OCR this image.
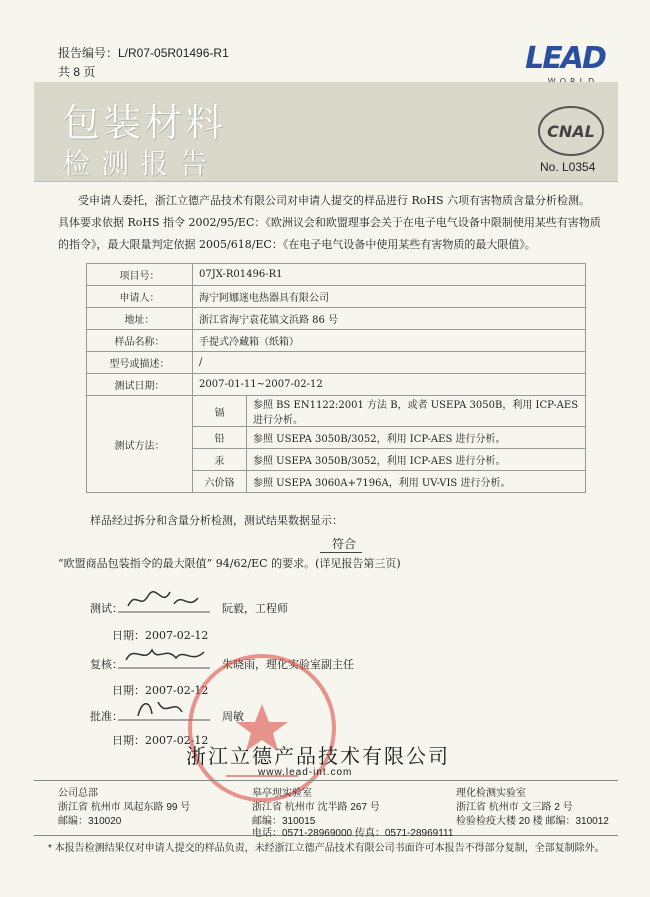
报告编号：L/R07-05R01496-R1
共 8 页	LEAD
包装材料
检测报告
CNAL
No. L0354
受申请人委托，浙江立德产品技术有限公司对申请人提交的样品进行 RoHS 六项有害物质含量分析检测。
具体要求依据 RoHS 指令 2002/95/EC：《欧洲议会和欧盟理事会关于在电子电气设备中限制使用某些有害物质
的指令》，最大限量判定依据 2005/618/EC：《在电子电气设备中使用某些有害物质的最大限值》。
项目号：	07JX-R01496-R1	
申请人：	海宁阿娜迷电热器具有限公司	
地址：	浙江省海宁袁花镇文浜路 86 号	
样品名称：	手提式冷藏箱（纸箱）	
型号或描述：	/	
测试日期：	2007-01-11~2007-02-12	
测试方法：	镉	参照 BS EN1122:2001 方法 B，或者 USEPA 3050B，利用 ICP-AES 进行分析。
	铅	参照 USEPA 3050B/3052，利用 ICP-AES 进行分析。
	汞	参照 USEPA 3050B/3052，利用 ICP-AES 进行分析。
	六价铬	参照 USEPA 3060A+7196A，利用 UV-VIS 进行分析。
样品经过拆分和含量分析检测，测试结果数据显示：
符合
“欧盟商品包装指令的最大限值” 94/62/EC 的要求。(详见报告第三页)
测试：	阮毅，工程师
日期：2007-02-12
复核：	朱晓雨，理化实验室副主任
日期：2007-02-12
批准：	周敏
日期：2007-02-12
浙江立德产品技术有限公司
www.lead-int.com
公司总部
浙江省 杭州市 凤起东路 99 号
邮编：310020
皋亭坝实验室
浙江省 杭州市 沈半路 267 号
邮编：310015
理化检测实验室
浙江省 杭州市 文三路 2 号
检验检疫大楼 20 楼 邮编：310012
电话：0571-28969000 传真：0571-28969111
* 本报告检测结果仅对申请人提交的样品负责，未经浙江立德产品技术有限公司书面许可本报告不得部分复制，全部复制除外。
